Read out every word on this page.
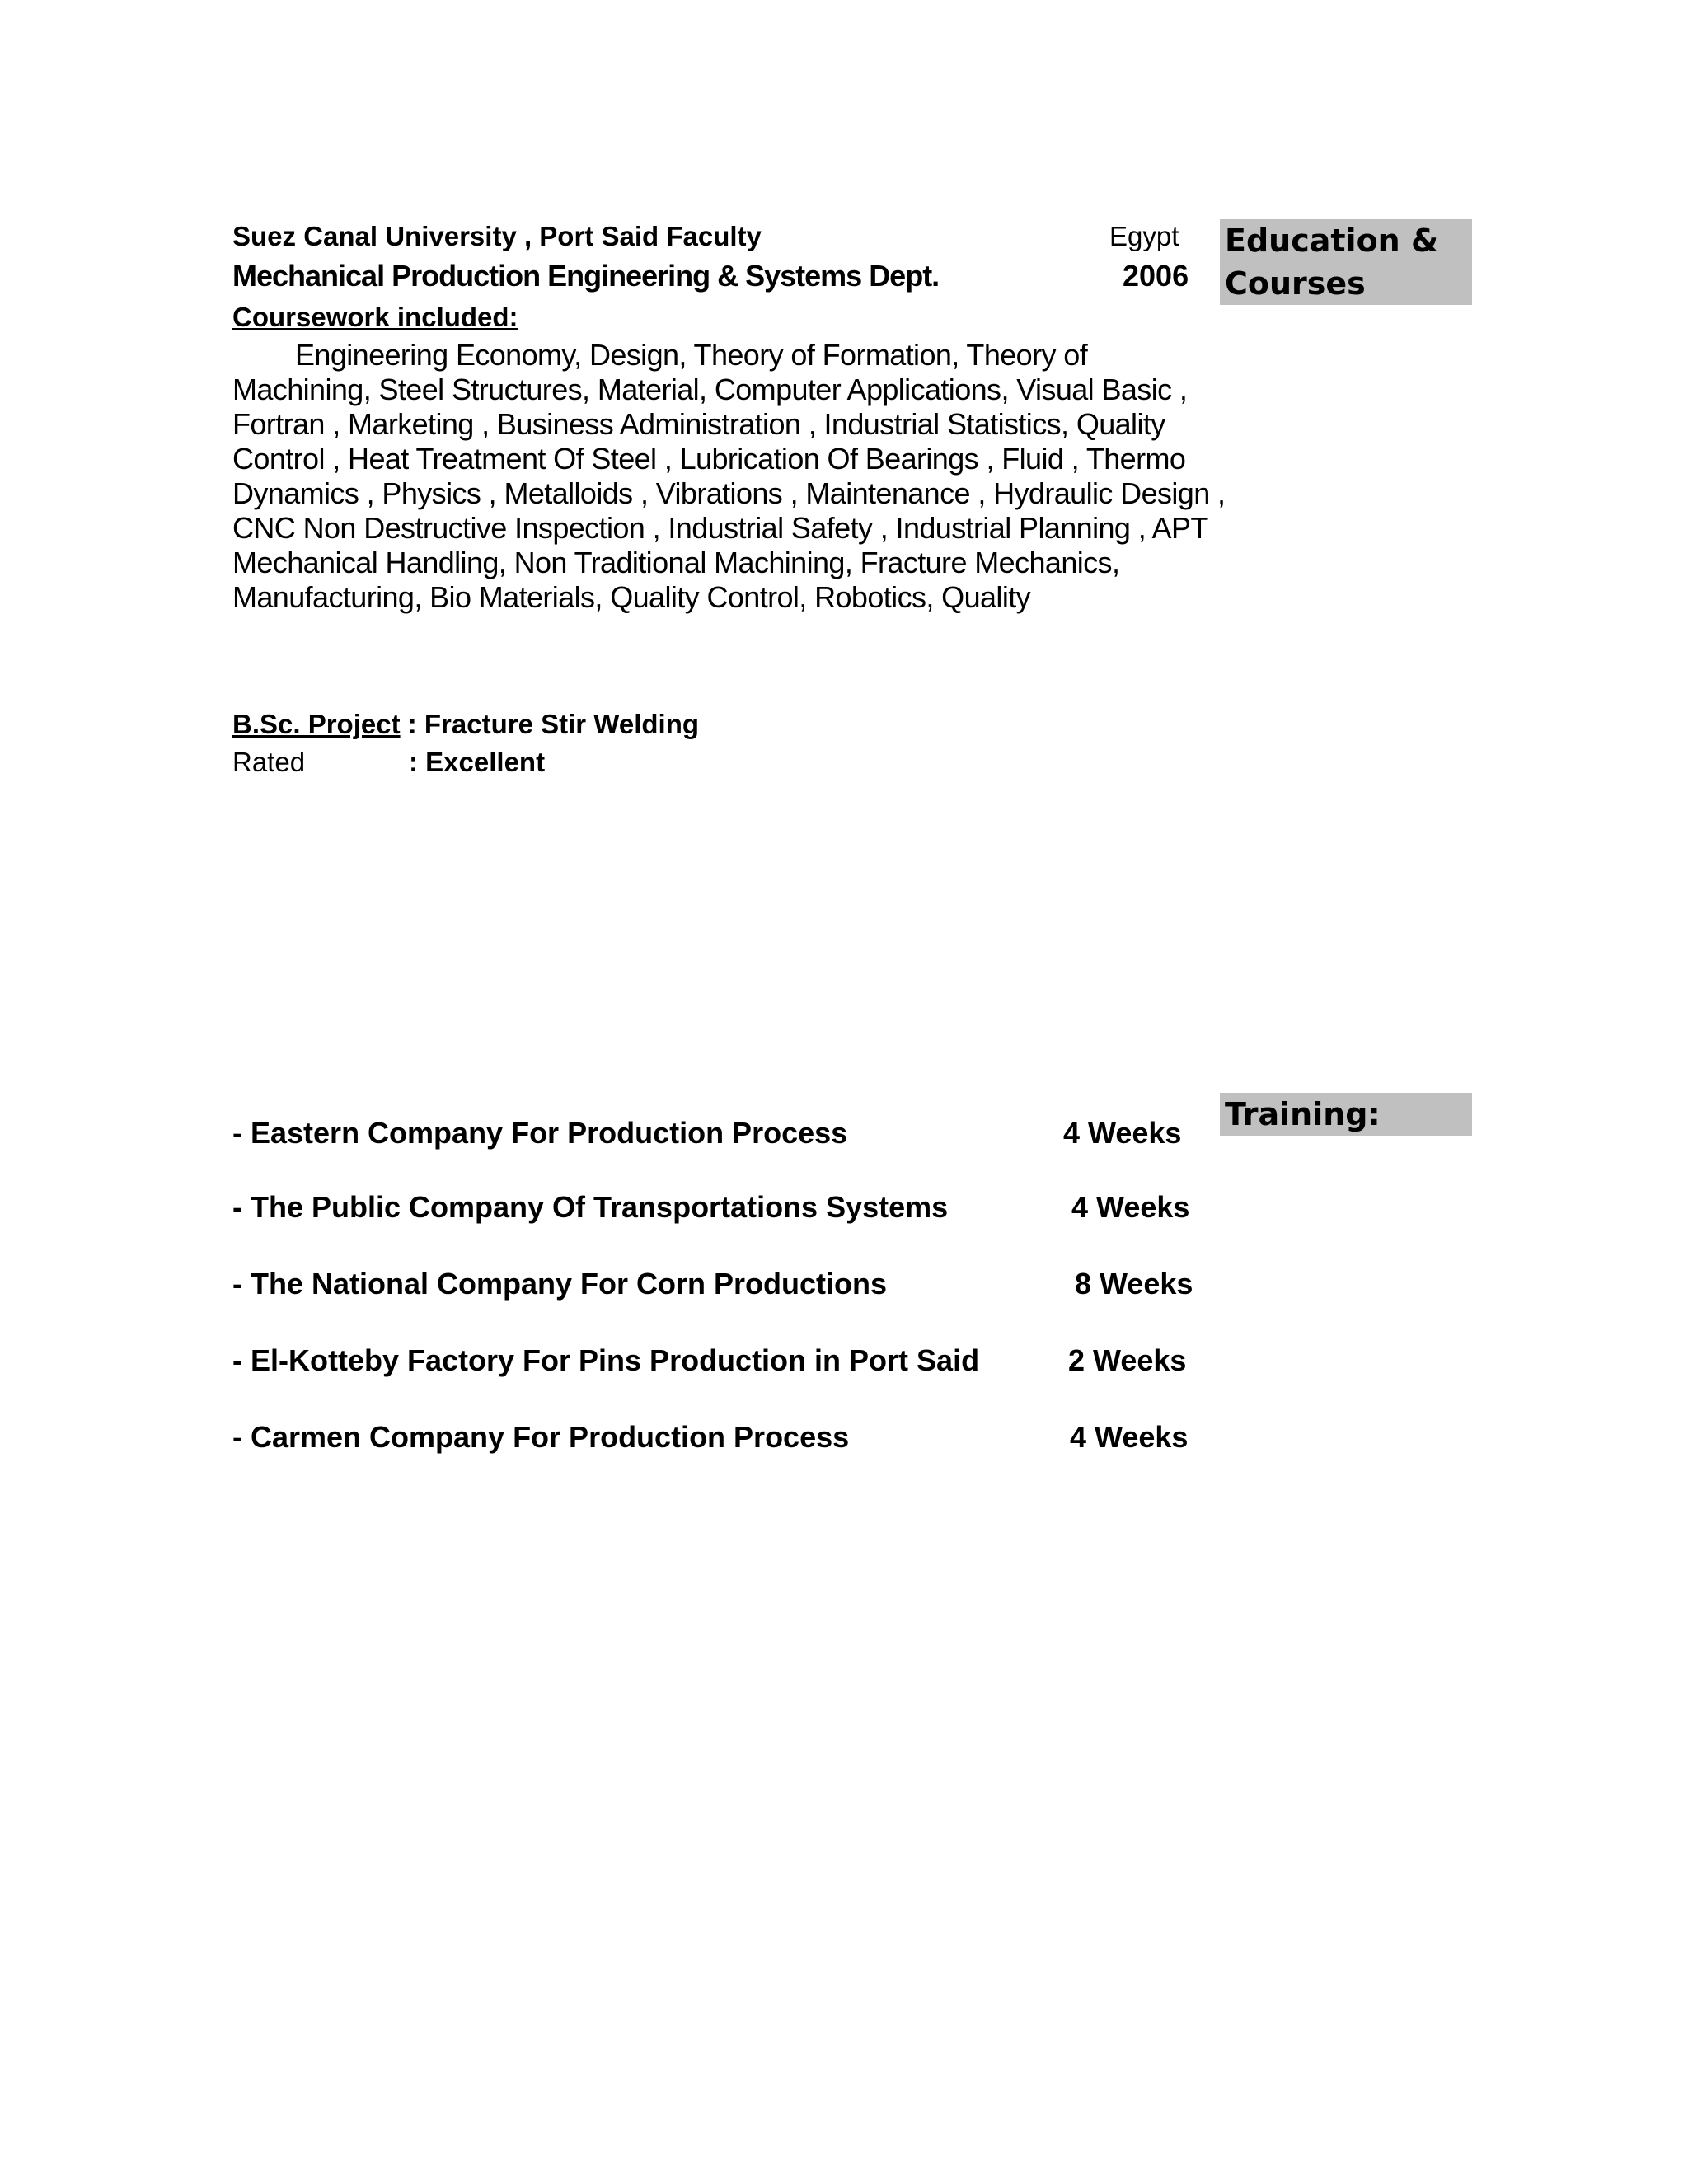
Suez Canal University , Port Said Faculty	Egypt
Mechanical Production Engineering & Systems Dept.	2006
Coursework included:
Engineering Economy, Design, Theory of Formation, Theory of Machining, Steel Structures, Material, Computer Applications, Visual Basic , Fortran , Marketing , Business Administration , Industrial Statistics, Quality Control , Heat Treatment Of Steel , Lubrication Of Bearings , Fluid , Thermo Dynamics , Physics , Metalloids , Vibrations , Maintenance , Hydraulic Design , CNC Non Destructive Inspection , Industrial Safety , Industrial Planning , APT Mechanical Handling, Non Traditional Machining, Fracture Mechanics, Manufacturing, Bio Materials, Quality Control, Robotics, Quality
Education & Courses
B.Sc. Project : Fracture Stir Welding
Rated	: Excellent
Training:
- Eastern Company For Production Process	4 Weeks
- The Public Company Of Transportations Systems	4 Weeks
- The National Company For Corn Productions	8 Weeks
- El-Kotteby Factory For Pins Production in Port Said	2 Weeks
- Carmen Company For Production Process	4 Weeks
